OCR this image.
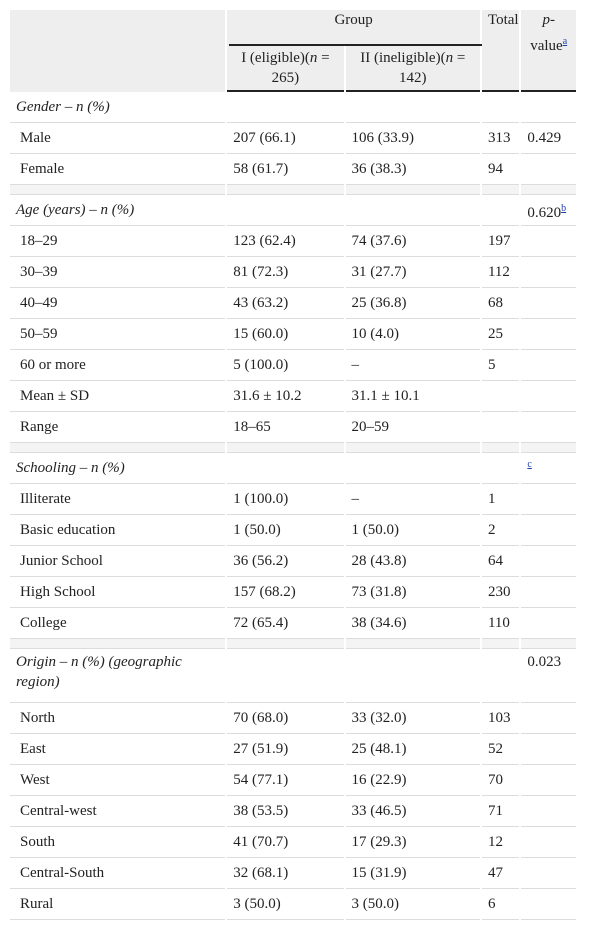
	Group		Total	p-
value$^a$
	I (eligible)(n = 265)	II (ineligible)(n = 142)		
Gender – n (%)				
Male	207 (66.1)	106 (33.9)	313	0.429
Female	58 (61.7)	36 (38.3)	94	

Age (years) – n (%)				0.620$^b$
18–29	123 (62.4)	74 (37.6)	197	
30–39	81 (72.3)	31 (27.7)	112	
40–49	43 (63.2)	25 (36.8)	68	
50–59	15 (60.0)	10 (4.0)	25	
60 or more	5 (100.0)	–	5	
Mean ± SD	31.6 ± 10.2	31.1 ± 10.1		
Range	18–65	20–59		

Schooling – n (%)				$^c$
Illiterate	1 (100.0)	–	1	
Basic education	1 (50.0)	1 (50.0)	2	
Junior School	36 (56.2)	28 (43.8)	64	
High School	157 (68.2)	73 (31.8)	230	
College	72 (65.4)	38 (34.6)	110	

Origin – n (%) (geographic region)				0.023
North	70 (68.0)	33 (32.0)	103	
East	27 (51.9)	25 (48.1)	52	
West	54 (77.1)	16 (22.9)	70	
Central-west	38 (53.5)	33 (46.5)	71	
South	41 (70.7)	17 (29.3)	12	
Central-South	32 (68.1)	15 (31.9)	47	
Rural	3 (50.0)	3 (50.0)	6	
